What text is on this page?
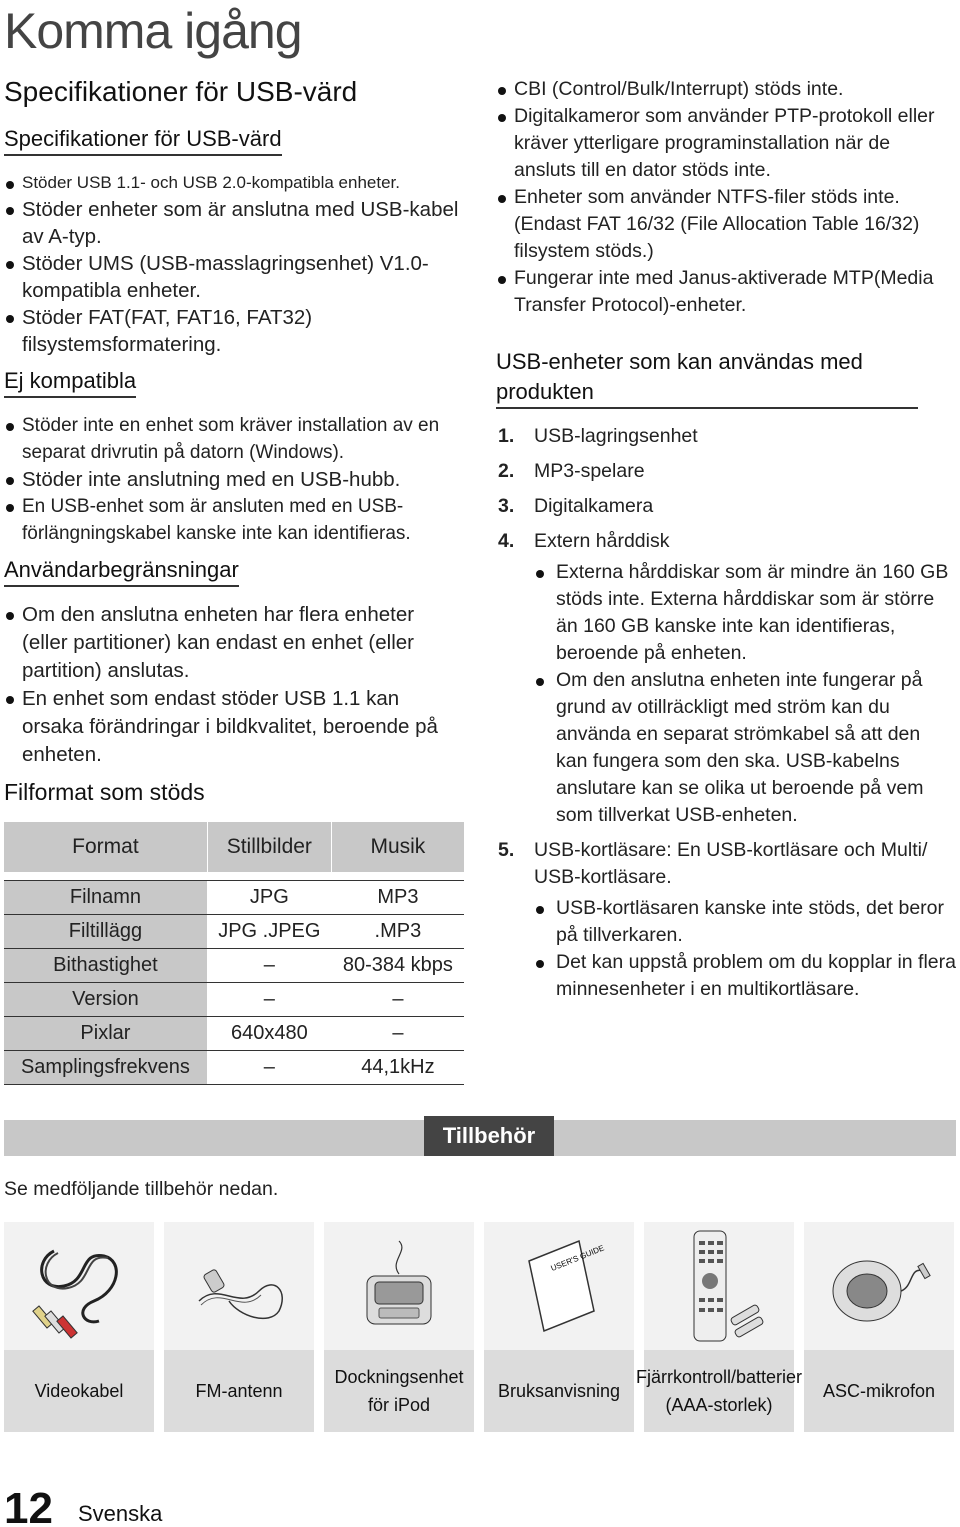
Komma igång
Specifikationer för USB-värd
Specifikationer för USB-värd
Stöder USB 1.1- och USB 2.0-kompatibla enheter.
Stöder enheter som är anslutna med USB-kabel av A-typ.
Stöder UMS (USB-masslagringsenhet) V1.0-kompatibla enheter.
Stöder FAT(FAT, FAT16, FAT32) filsystemsformatering.
Ej kompatibla
Stöder inte en enhet som kräver installation av en separat drivrutin på datorn (Windows).
Stöder inte anslutning med en USB-hubb.
En USB-enhet som är ansluten med en USB-förlängningskabel kanske inte kan identifieras.
Användarbegränsningar
Om den anslutna enheten har flera enheter (eller partitioner) kan endast en enhet (eller partition) anslutas.
En enhet som endast stöder USB 1.1 kan orsaka förändringar i bildkvalitet, beroende på enheten.
Filformat som stöds
Format	Stillbilder	Musik

Filnamn	JPG	MP3
Filtillägg	JPG .JPEG	.MP3
Bithastighet	–	80-384 kbps
Version	–	–
Pixlar	640x480	–
Samplingsfrekvens	–	44,1kHz
CBI (Control/Bulk/Interrupt) stöds inte.
Digitalkameror som använder PTP-protokoll eller kräver ytterligare programinstallation när de ansluts till en dator stöds inte.
Enheter som använder NTFS-filer stöds inte. (Endast FAT 16/32 (File Allocation Table 16/32) filsystem stöds.)
Fungerar inte med Janus-aktiverade MTP(Media Transfer Protocol)-enheter.
USB-enheter som kan användas med
produkten
1. USB-lagringsenhet
2. MP3-spelare
3. Digitalkamera
4. Extern hårddisk
Externa hårddiskar som är mindre än 160 GB stöds inte. Externa hårddiskar som är större än 160 GB kanske inte kan identifieras, beroende på enheten.
Om den anslutna enheten inte fungerar på grund av otillräckligt med ström kan du använda en separat strömkabel så att den kan fungera som den ska. USB-kabelns anslutare kan se olika ut beroende på vem som tillverkat USB-enheten.
5. USB-kortläsare: En USB-kortläsare och Multi/ USB-kortläsare.
USB-kortläsaren kanske inte stöds, det beror på tillverkaren.
Det kan uppstå problem om du kopplar in flera minnesenheter i en multikortläsare.
Tillbehör
Se medföljande tillbehör nedan.
Videokabel	FM-antenn
Dockningsenhet för iPod
USER'S GUIDE
Bruksanvisning
Fjärrkontroll/batterier (AAA-storlek)
ASC-mikrofon
12 Svenska
